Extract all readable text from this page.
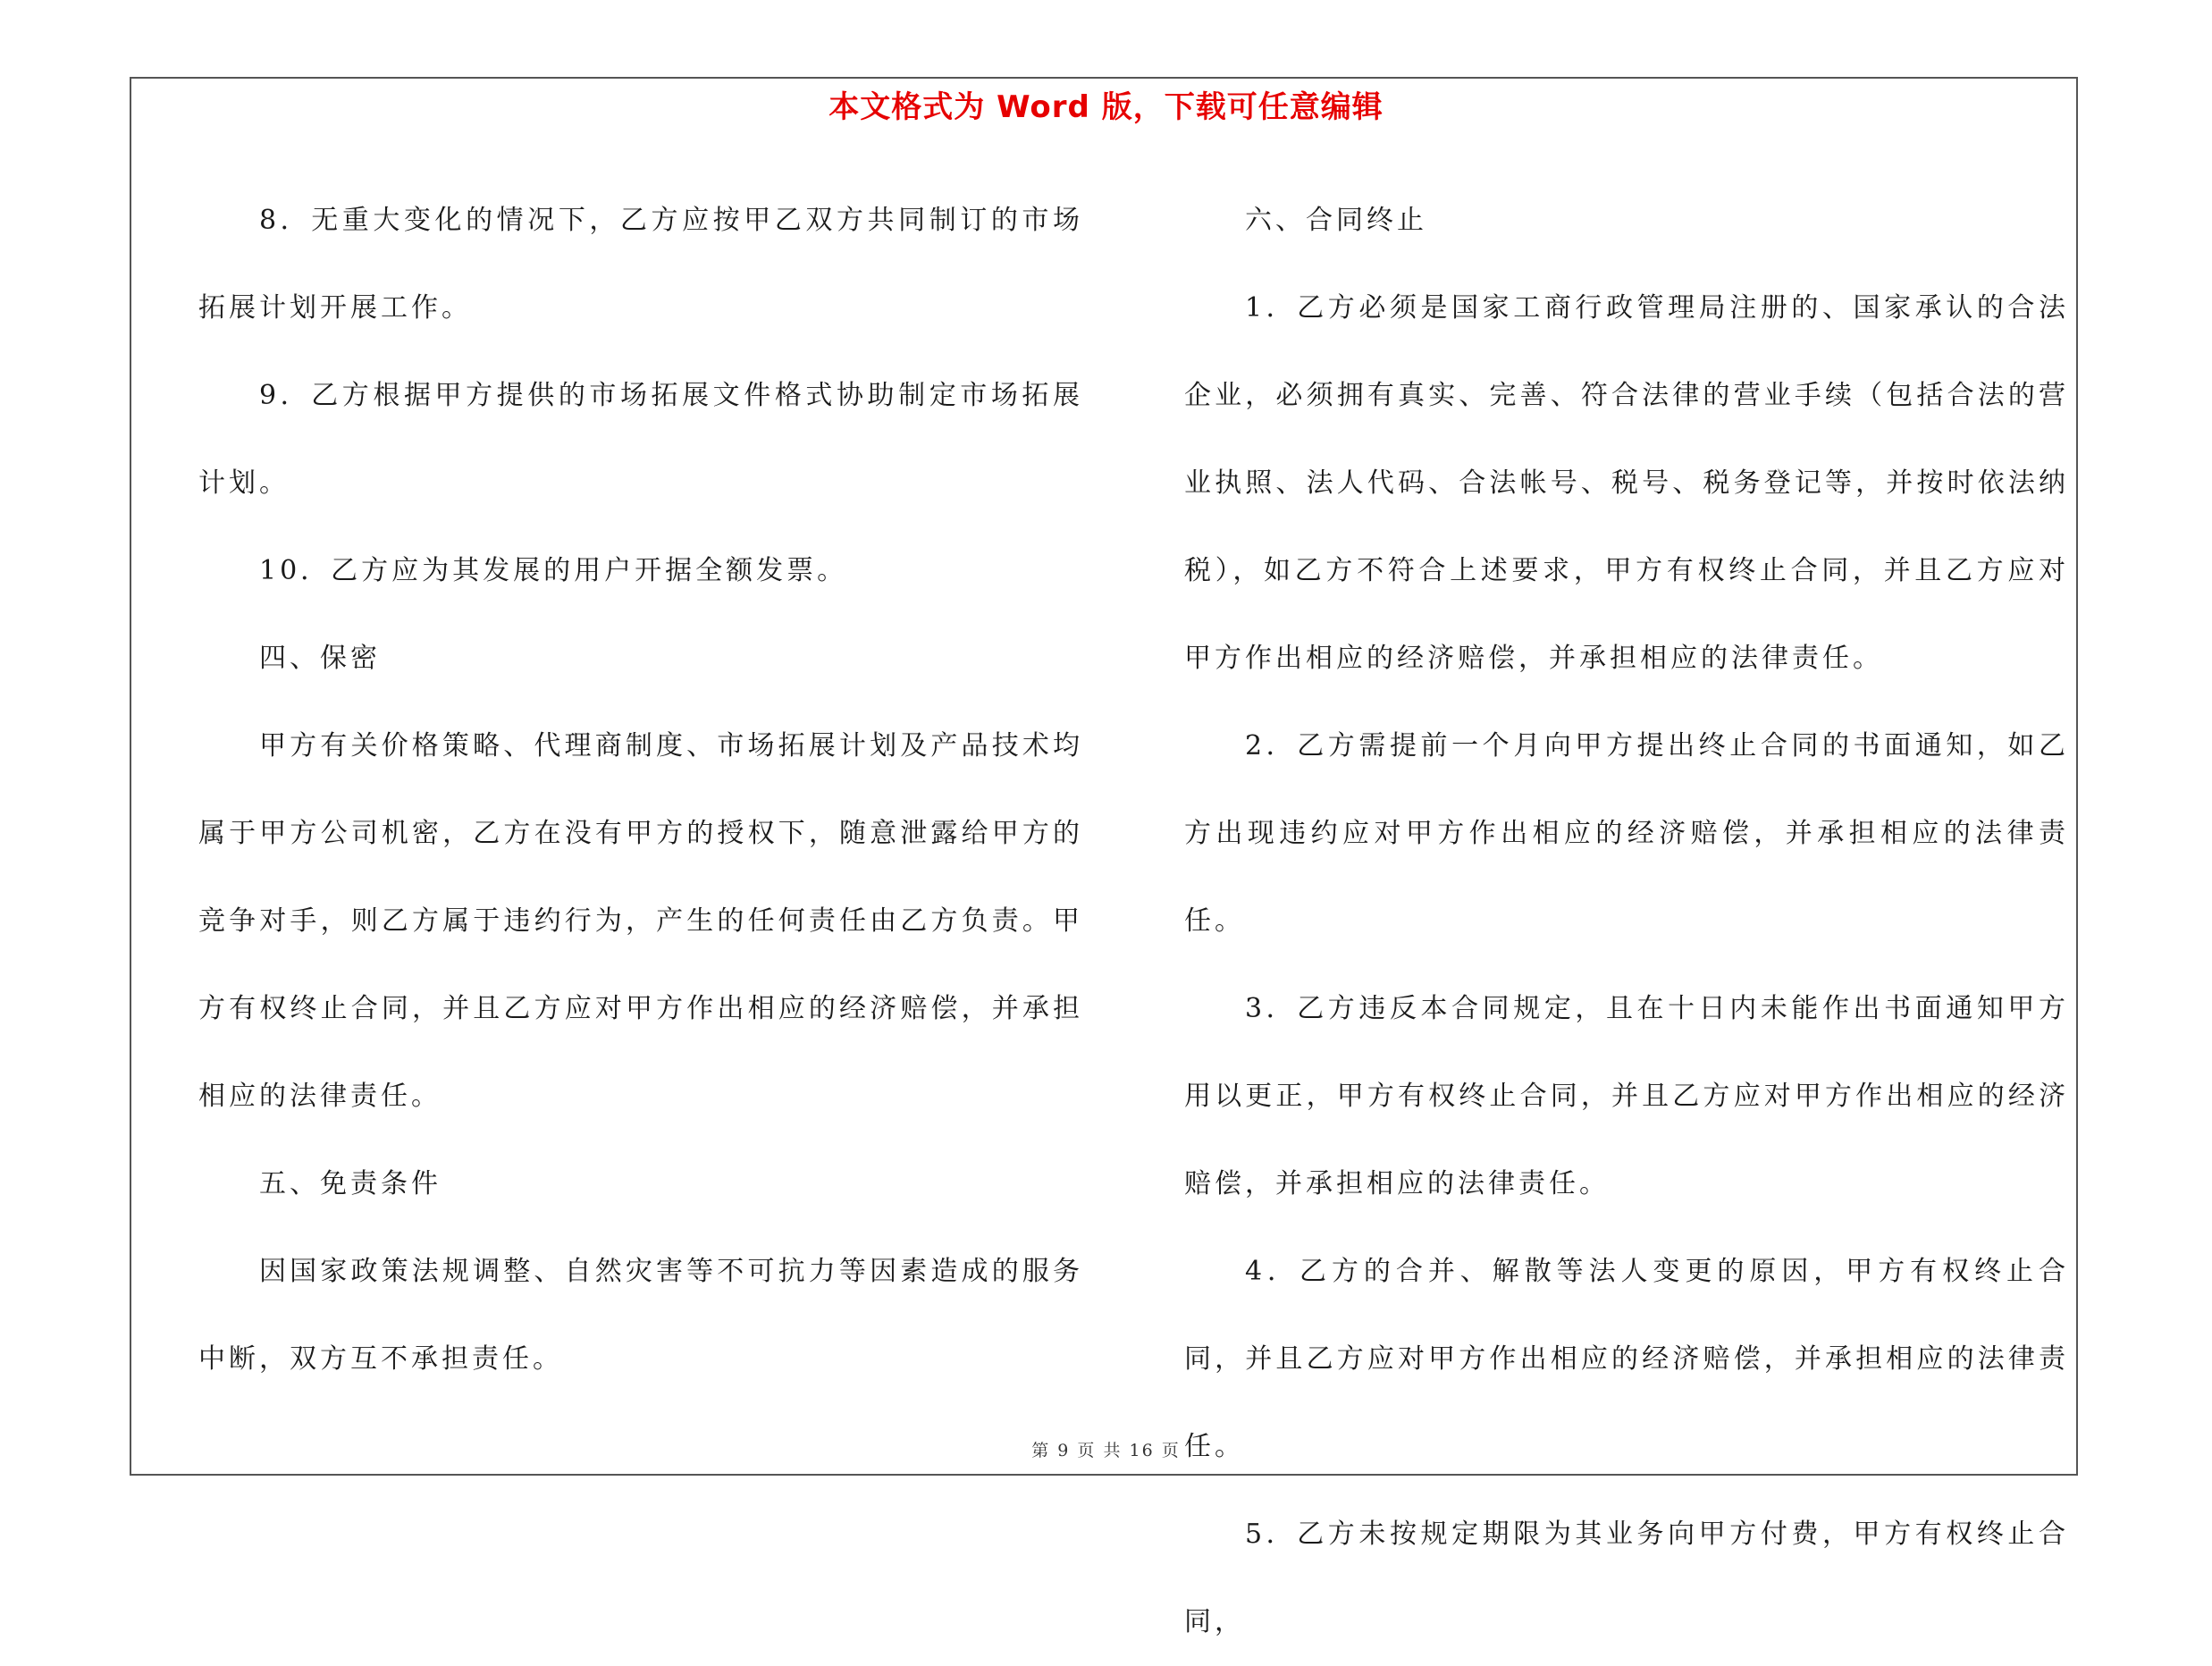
本文格式为 Word 版，下载可任意编辑

8．无重大变化的情况下，乙方应按甲乙双方共同制订的市场拓展计划开展工作。

9．乙方根据甲方提供的市场拓展文件格式协助制定市场拓展计划。

10．乙方应为其发展的用户开据全额发票。

四、保密

甲方有关价格策略、代理商制度、市场拓展计划及产品技术均属于甲方公司机密，乙方在没有甲方的授权下，随意泄露给甲方的竞争对手，则乙方属于违约行为，产生的任何责任由乙方负责。甲方有权终止合同，并且乙方应对甲方作出相应的经济赔偿，并承担相应的法律责任。

五、免责条件

因国家政策法规调整、自然灾害等不可抗力等因素造成的服务中断，双方互不承担责任。

六、合同终止

1．乙方必须是国家工商行政管理局注册的、国家承认的合法企业，必须拥有真实、完善、符合法律的营业手续（包括合法的营业执照、法人代码、合法帐号、税号、税务登记等，并按时依法纳税），如乙方不符合上述要求，甲方有权终止合同，并且乙方应对甲方作出相应的经济赔偿，并承担相应的法律责任。

2．乙方需提前一个月向甲方提出终止合同的书面通知，如乙方出现违约应对甲方作出相应的经济赔偿，并承担相应的法律责任。

3．乙方违反本合同规定，且在十日内未能作出书面通知甲方用以更正，甲方有权终止合同，并且乙方应对甲方作出相应的经济赔偿，并承担相应的法律责任。

4．乙方的合并、解散等法人变更的原因，甲方有权终止合同，并且乙方应对甲方作出相应的经济赔偿，并承担相应的法律责任。

5．乙方未按规定期限为其业务向甲方付费，甲方有权终止合同，

第 9 页 共 16 页
